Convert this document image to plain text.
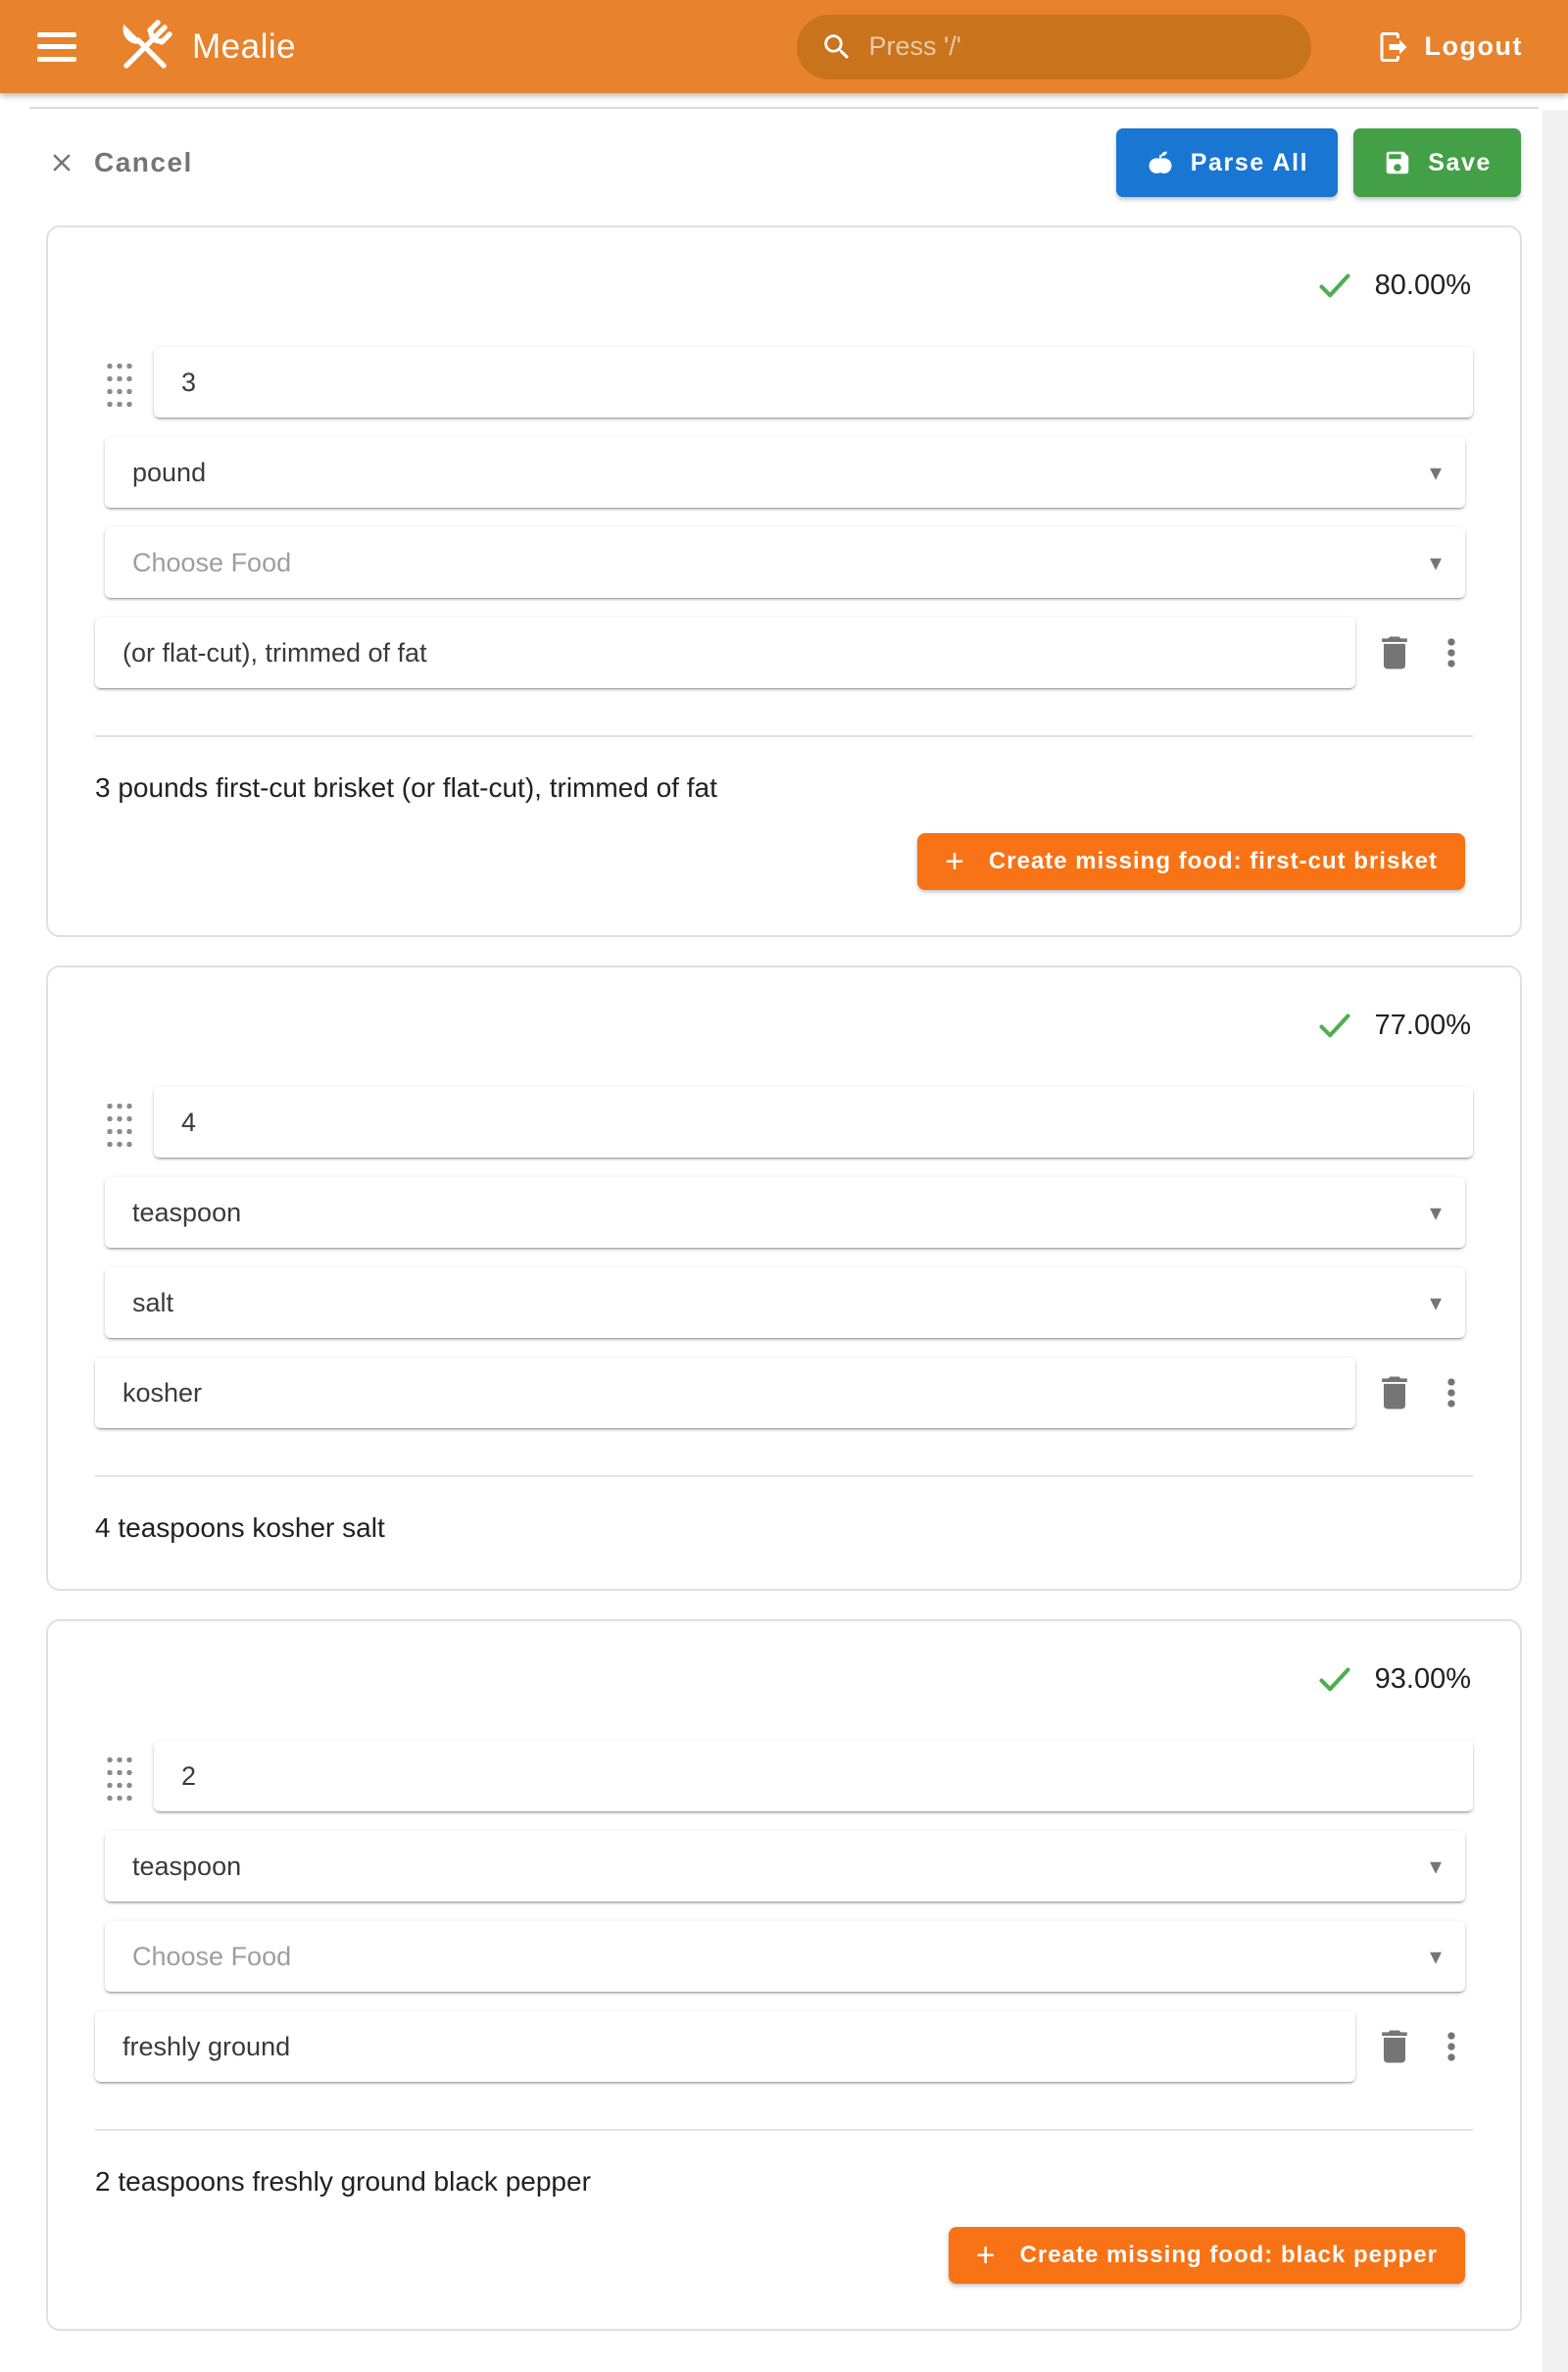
Mealie
Press '/'	Logout
Cancel	Parse All	Save
80.00%
3
pound	▾
Choose Food	▾
(or flat-cut), trimmed of fat

3 pounds first-cut brisket (or flat-cut), trimmed of fat

+ Create missing food: first-cut brisket
77.00%
4
teaspoon	▾
salt	▾
kosher

4 teaspoons kosher salt

93.00%
2
teaspoon	▾
Choose Food	▾
freshly ground

2 teaspoons freshly ground black pepper

+ Create missing food: black pepper
